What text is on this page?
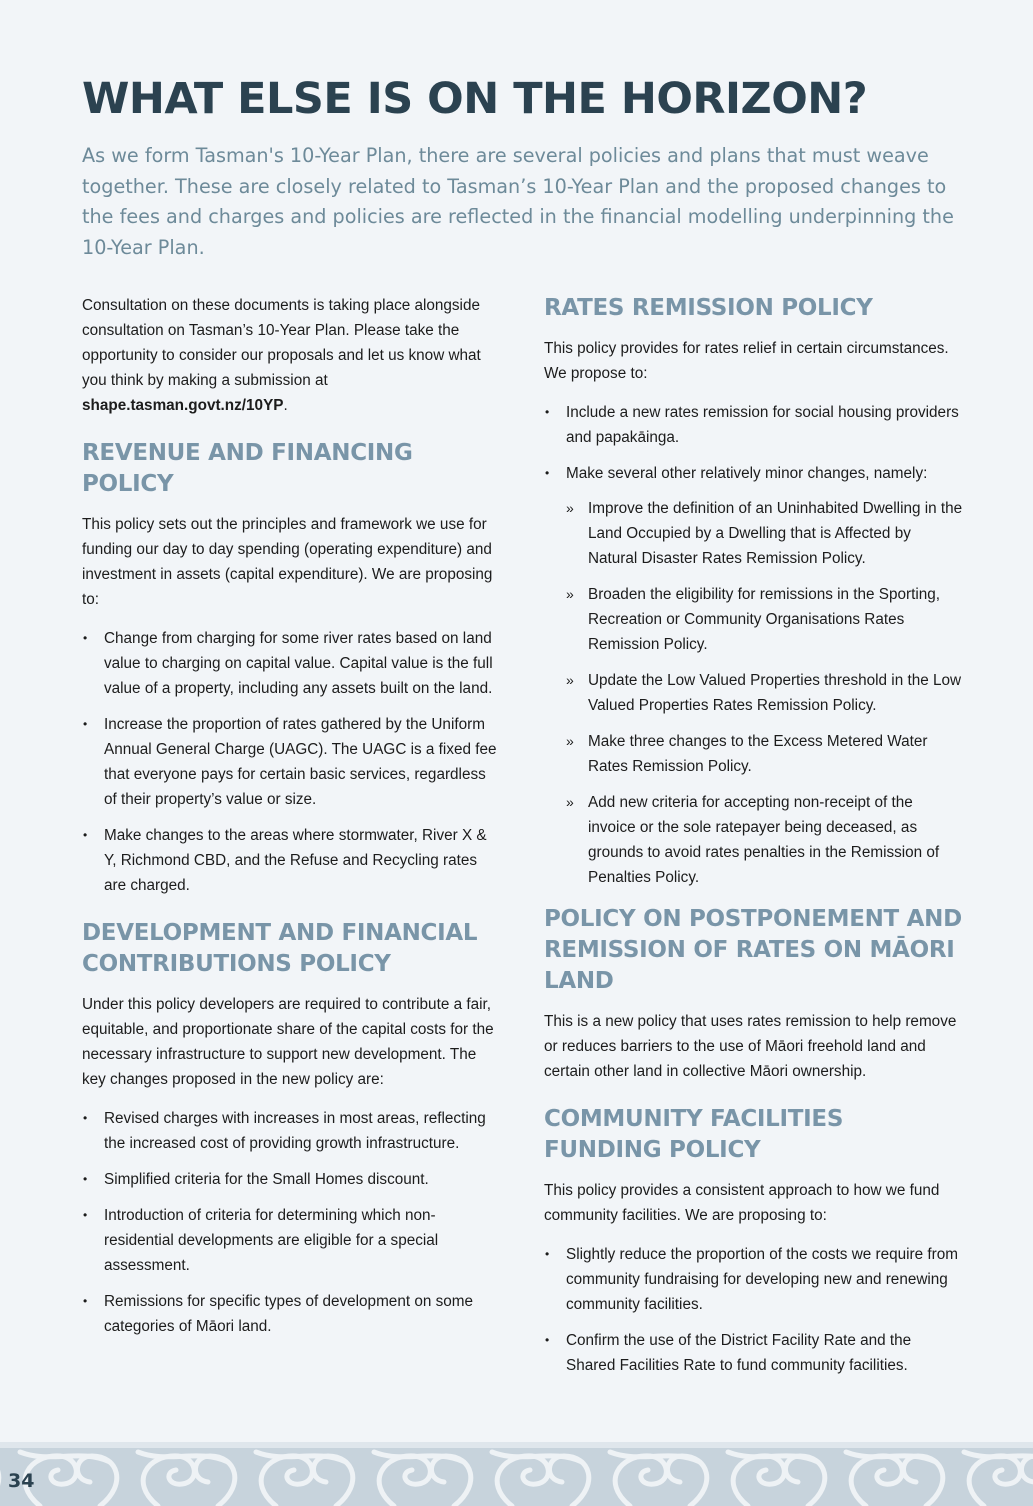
WHAT ELSE IS ON THE HORIZON?

As we form Tasman's 10-Year Plan, there are several policies and plans that must weave together. These are closely related to Tasman’s 10-Year Plan and the proposed changes to the fees and charges and policies are reflected in the financial modelling underpinning the 10-Year Plan.

Consultation on these documents is taking place alongside consultation on Tasman’s 10-Year Plan. Please take the opportunity to consider our proposals and let us know what you think by making a submission at shape.tasman.govt.nz/10YP.

REVENUE AND FINANCING POLICY

This policy sets out the principles and framework we use for funding our day to day spending (operating expenditure) and investment in assets (capital expenditure). We are proposing to:

• Change from charging for some river rates based on land value to charging on capital value. Capital value is the full value of a property, including any assets built on the land.
• Increase the proportion of rates gathered by the Uniform Annual General Charge (UAGC). The UAGC is a fixed fee that everyone pays for certain basic services, regardless of their property’s value or size.
• Make changes to the areas where stormwater, River X & Y, Richmond CBD, and the Refuse and Recycling rates are charged.
DEVELOPMENT AND FINANCIAL CONTRIBUTIONS POLICY

Under this policy developers are required to contribute a fair, equitable, and proportionate share of the capital costs for the necessary infrastructure to support new development. The key changes proposed in the new policy are:

• Revised charges with increases in most areas, reflecting the increased cost of providing growth infrastructure.
• Simplified criteria for the Small Homes discount.
• Introduction of criteria for determining which non-residential developments are eligible for a special assessment.
• Remissions for specific types of development on some categories of Māori land.
RATES REMISSION POLICY

This policy provides for rates relief in certain circumstances. We propose to:

• Include a new rates remission for social housing providers and papakāinga.
• Make several other relatively minor changes, namely:
» Improve the definition of an Uninhabited Dwelling in the Land Occupied by a Dwelling that is Affected by Natural Disaster Rates Remission Policy.
» Broaden the eligibility for remissions in the Sporting, Recreation or Community Organisations Rates Remission Policy.
» Update the Low Valued Properties threshold in the Low Valued Properties Rates Remission Policy.
» Make three changes to the Excess Metered Water Rates Remission Policy.
» Add new criteria for accepting non-receipt of the invoice or the sole ratepayer being deceased, as grounds to avoid rates penalties in the Remission of Penalties Policy.
POLICY ON POSTPONEMENT AND REMISSION OF RATES ON MĀORI LAND

This is a new policy that uses rates remission to help remove or reduces barriers to the use of Māori freehold land and certain other land in collective Māori ownership.

COMMUNITY FACILITIES FUNDING POLICY

This policy provides a consistent approach to how we fund community facilities. We are proposing to:

• Slightly reduce the proportion of the costs we require from community fundraising for developing new and renewing community facilities.
• Confirm the use of the District Facility Rate and the Shared Facilities Rate to fund community facilities.
34
